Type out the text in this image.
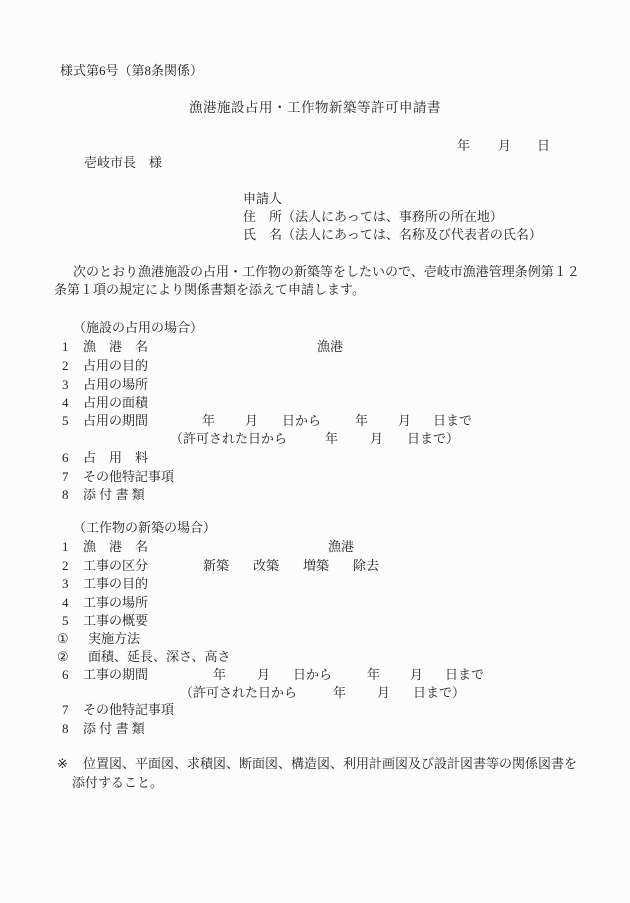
様式第6号（第8条関係）
漁港施設占用・工作物新築等許可申請書
年 月 日
壱岐市長　様
申請人
住　所（法人にあっては、事務所の所在地）
氏　名（法人にあっては、名称及び代表者の氏名）
　次のとおり漁港施設の占用・工作物の新築等をしたいので、壱岐市漁港管理条例第１２
条第１項の規定により関係書類を添えて申請します。
（施設の占用の場合）
1 漁　港　名	漁港
2 占用の目的
3 占用の場所
4 占用の面積
5 占用の期間	年 月 日から	年 月 日まで
（許可された日から	年 月 日まで）
6 占　用　料
7 その他特記事項
8 添 付 書 類
（工作物の新築の場合）
1 漁　港　名	漁港
2 工事の区分	新築 改築 増築 除去
3 工事の目的
4 工事の場所
5 工事の概要
① 実施方法
② 面積、延長、深さ、高さ
6 工事の期間	年 月 日から	年 月 日まで
（許可された日から	年 月 日まで）
7 その他特記事項
8 添 付 書 類
※ 位置図、平面図、求積図、断面図、構造図、利用計画図及び設計図書等の関係図書を
添付すること。
